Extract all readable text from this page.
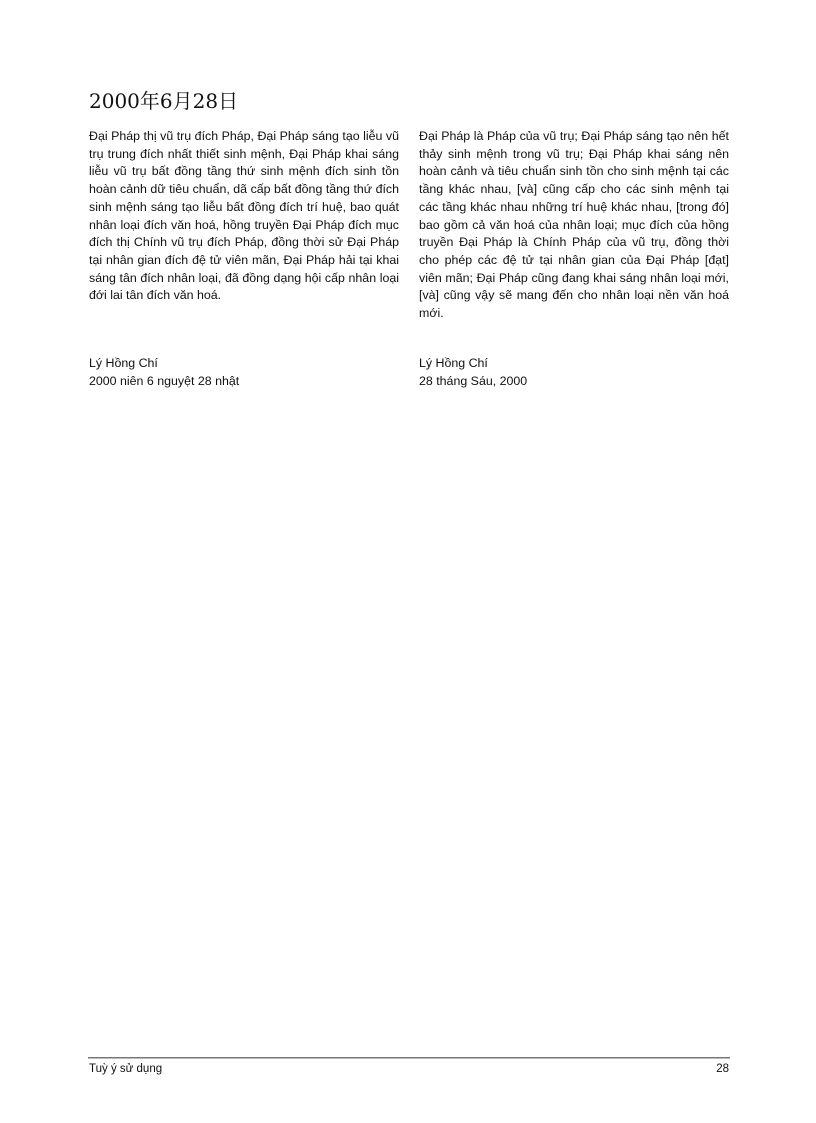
2000年6月28日

Đại Pháp thị vũ trụ đích Pháp, Đại Pháp sáng tạo liễu vũ trụ trung đích nhất thiết sinh mệnh, Đại Pháp khai sáng liễu vũ trụ bất đồng tầng thứ sinh mệnh đích sinh tồn hoàn cảnh dữ tiêu chuẩn, dã cấp bất đồng tầng thứ đích sinh mệnh sáng tạo liễu bất đồng đích trí huệ, bao quát nhân loại đích văn hoá, hồng truyền Đại Pháp đích mục đích thị Chính vũ trụ đích Pháp, đồng thời sử Đại Pháp tại nhân gian đích đệ tử viên mãn, Đại Pháp hải tại khai sáng tân đích nhân loại, đã đồng dạng hội cấp nhân loại đới lai tân đích văn hoá.

Lý Hồng Chí
2000 niên 6 nguyệt 28 nhật

Đại Pháp là Pháp của vũ trụ; Đại Pháp sáng tạo nên hết thảy sinh mệnh trong vũ trụ; Đại Pháp khai sáng nên hoàn cảnh và tiêu chuẩn sinh tồn cho sinh mệnh tại các tầng khác nhau, [và] cũng cấp cho các sinh mệnh tại các tầng khác nhau những trí huệ khác nhau, [trong đó] bao gồm cả văn hoá của nhân loại; mục đích của hồng truyền Đại Pháp là Chính Pháp của vũ trụ, đồng thời cho phép các đệ tử tại nhân gian của Đại Pháp [đạt] viên mãn; Đại Pháp cũng đang khai sáng nhân loại mới, [và] cũng vậy sẽ mang đến cho nhân loại nền văn hoá mới.

Lý Hồng Chí
28 tháng Sáu, 2000
Tuỳ ý sử dụng	28
